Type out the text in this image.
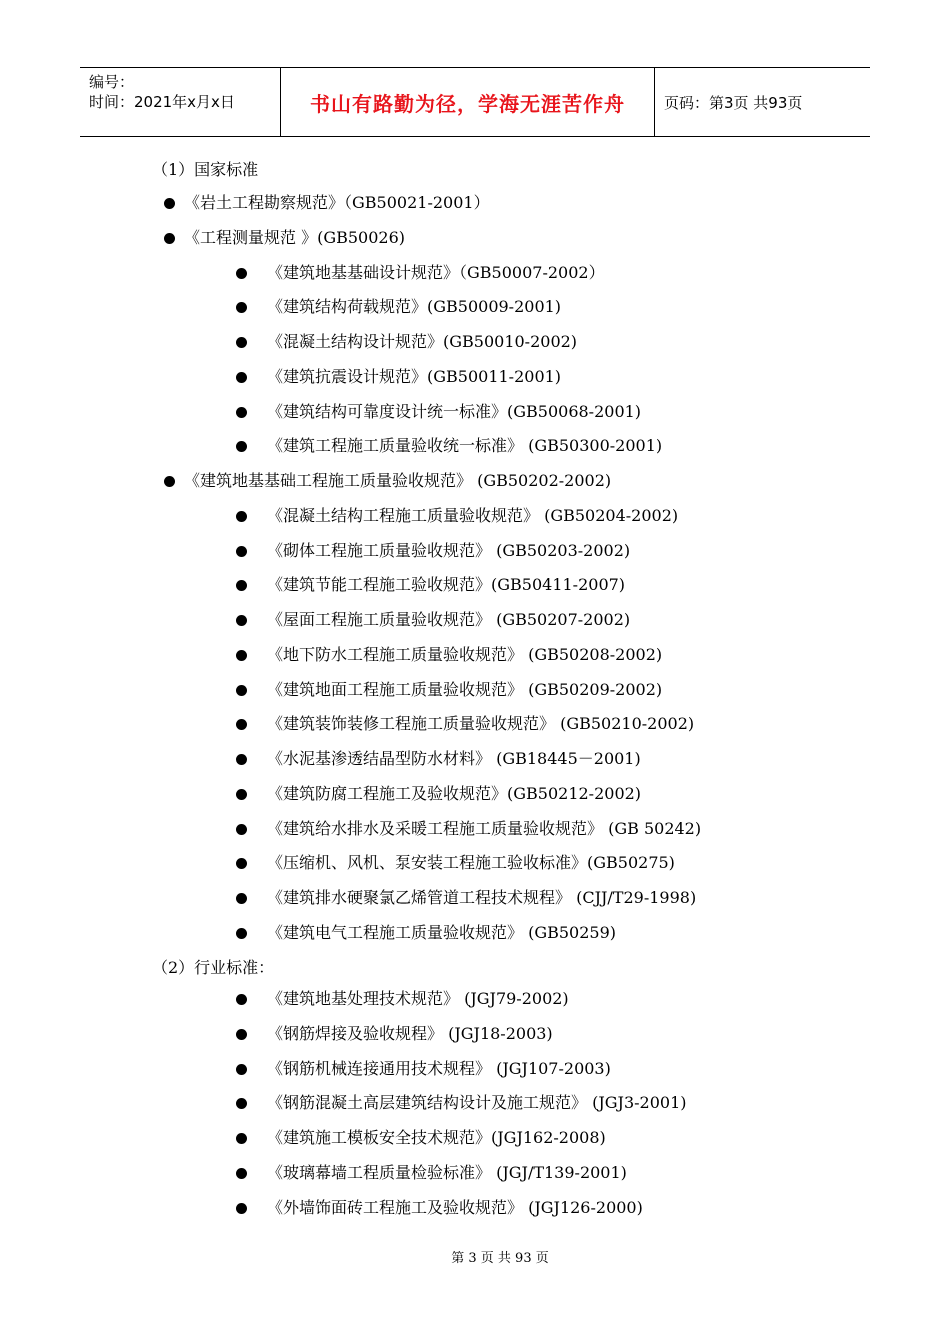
编号：
时间：2021年x月x日	书山有路勤为径，学海无涯苦作舟	页码：第3页 共93页
（1）国家标准
《岩土工程勘察规范》（GB50021-2001）
《工程测量规范 》(GB50026)
《建筑地基基础设计规范》（GB50007-2002）
《建筑结构荷载规范》(GB50009-2001)
《混凝土结构设计规范》(GB50010-2002)
《建筑抗震设计规范》(GB50011-2001)
《建筑结构可靠度设计统一标准》(GB50068-2001)
《建筑工程施工质量验收统一标准》 (GB50300-2001)
《建筑地基基础工程施工质量验收规范》 (GB50202-2002)
《混凝土结构工程施工质量验收规范》 (GB50204-2002)
《砌体工程施工质量验收规范》 (GB50203-2002)
《建筑节能工程施工验收规范》(GB50411-2007)
《屋面工程施工质量验收规范》 (GB50207-2002)
《地下防水工程施工质量验收规范》 (GB50208-2002)
《建筑地面工程施工质量验收规范》 (GB50209-2002)
《建筑装饰装修工程施工质量验收规范》 (GB50210-2002)
《水泥基渗透结晶型防水材料》 (GB18445－2001)
《建筑防腐工程施工及验收规范》(GB50212-2002)
《建筑给水排水及采暖工程施工质量验收规范》 (GB 50242)
《压缩机、风机、泵安装工程施工验收标准》(GB50275)
《建筑排水硬聚氯乙烯管道工程技术规程》 (CJJ/T29-1998)
《建筑电气工程施工质量验收规范》 (GB50259)
（2）行业标准：
《建筑地基处理技术规范》 (JGJ79-2002)
《钢筋焊接及验收规程》 (JGJ18-2003)
《钢筋机械连接通用技术规程》 (JGJ107-2003)
《钢筋混凝土高层建筑结构设计及施工规范》 (JGJ3-2001)
《建筑施工模板安全技术规范》(JGJ162-2008)
《玻璃幕墙工程质量检验标准》 (JGJ/T139-2001)
《外墙饰面砖工程施工及验收规范》 (JGJ126-2000)
第 3 页 共 93 页
